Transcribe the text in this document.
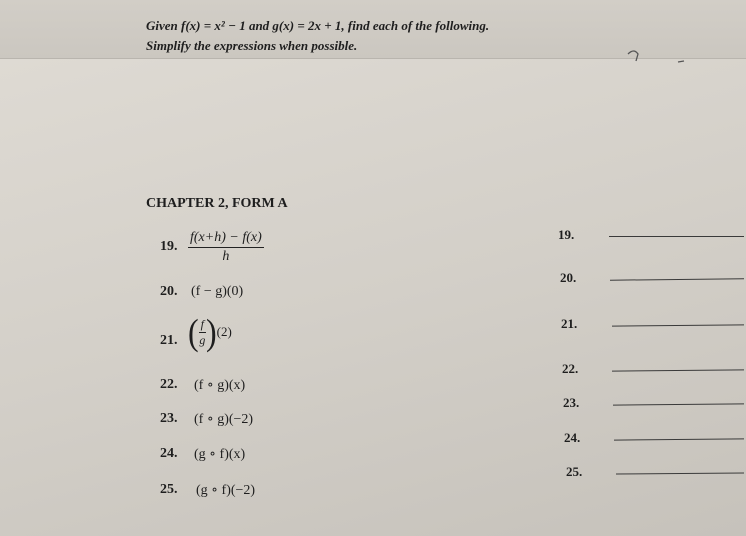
Given f(x) = x² − 1 and g(x) = 2x + 1, find each of the following.
Simplify the expressions when possible.
CHAPTER 2, FORM A
19. $\frac{f(x+h) - f(x)}{h}$
20. (f − g)(0)
21. ( $\frac{f}{g}$ ) (2)
22. (f ∘ g)(x)
23. (f ∘ g)(−2)
24. (g ∘ f)(x)
25. (g ∘ f)(−2)
19.
20.
21.
22.
23.
24.
25.
